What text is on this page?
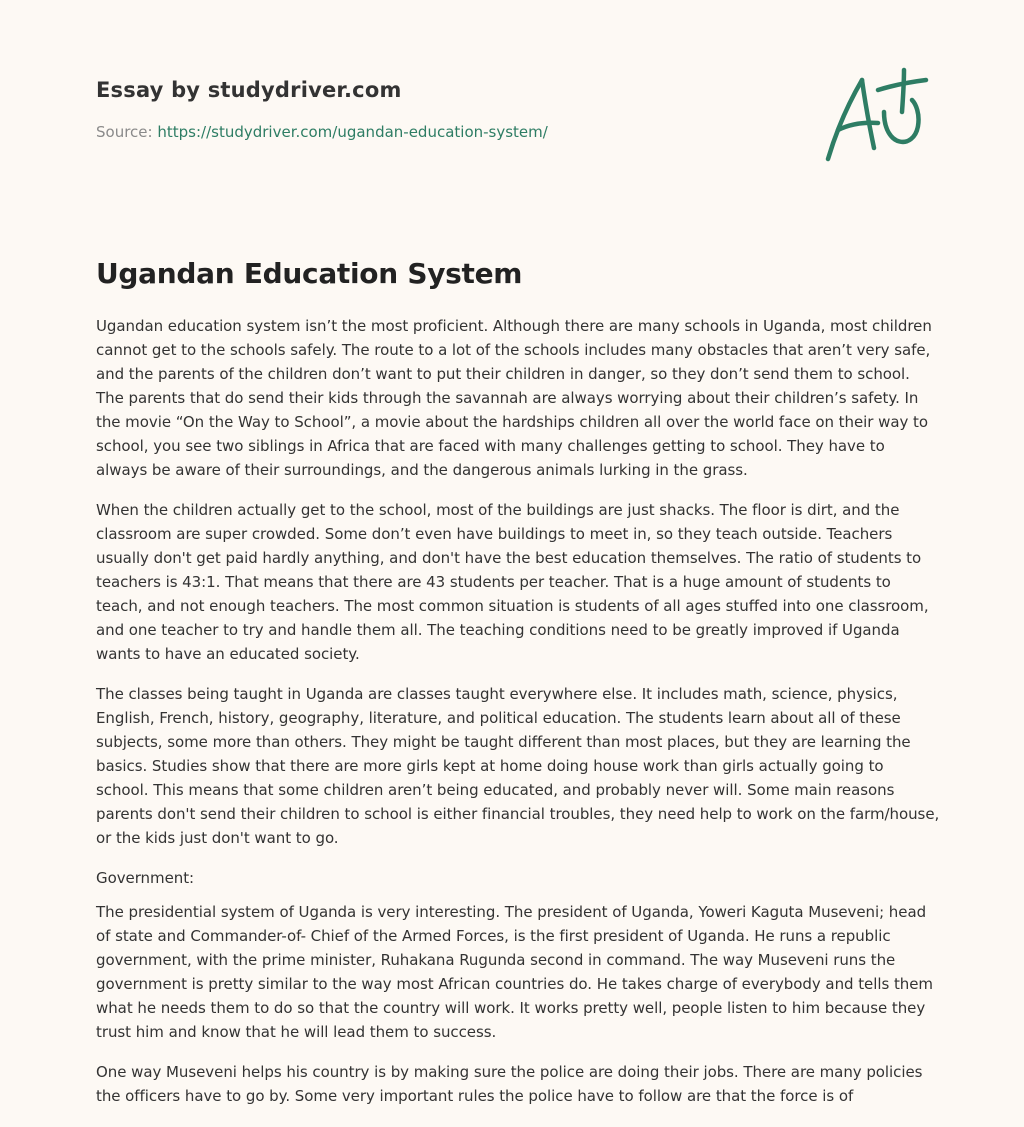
Essay by studydriver.com
Source: https://studydriver.com/ugandan-education-system/
Ugandan Education System

Ugandan education system isn’t the most proficient. Although there are many schools in Uganda, most children cannot get to the schools safely. The route to a lot of the schools includes many obstacles that aren’t very safe, and the parents of the children don’t want to put their children in danger, so they don’t send them to school. The parents that do send their kids through the savannah are always worrying about their children’s safety. In the movie “On the Way to School”, a movie about the hardships children all over the world face on their way to school, you see two siblings in Africa that are faced with many challenges getting to school. They have to always be aware of their surroundings, and the dangerous animals lurking in the grass.

When the children actually get to the school, most of the buildings are just shacks. The floor is dirt, and the classroom are super crowded. Some don’t even have buildings to meet in, so they teach outside. Teachers usually don't get paid hardly anything, and don't have the best education themselves. The ratio of students to teachers is 43:1. That means that there are 43 students per teacher. That is a huge amount of students to teach, and not enough teachers. The most common situation is students of all ages stuffed into one classroom, and one teacher to try and handle them all. The teaching conditions need to be greatly improved if Uganda wants to have an educated society.

The classes being taught in Uganda are classes taught everywhere else. It includes math, science, physics, English, French, history, geography, literature, and political education. The students learn about all of these subjects, some more than others. They might be taught different than most places, but they are learning the basics. Studies show that there are more girls kept at home doing house work than girls actually going to school. This means that some children aren’t being educated, and probably never will. Some main reasons parents don't send their children to school is either financial troubles, they need help to work on the farm/house, or the kids just don't want to go.

Government:

The presidential system of Uganda is very interesting. The president of Uganda, Yoweri Kaguta Museveni; head of state and Commander-of- Chief of the Armed Forces, is the first president of Uganda. He runs a republic government, with the prime minister, Ruhakana Rugunda second in command. The way Museveni runs the government is pretty similar to the way most African countries do. He takes charge of everybody and tells them what he needs them to do so that the country will work. It works pretty well, people listen to him because they trust him and know that he will lead them to success.

One way Museveni helps his country is by making sure the police are doing their jobs. There are many policies the officers have to go by. Some very important rules the police have to follow are that the force is of
